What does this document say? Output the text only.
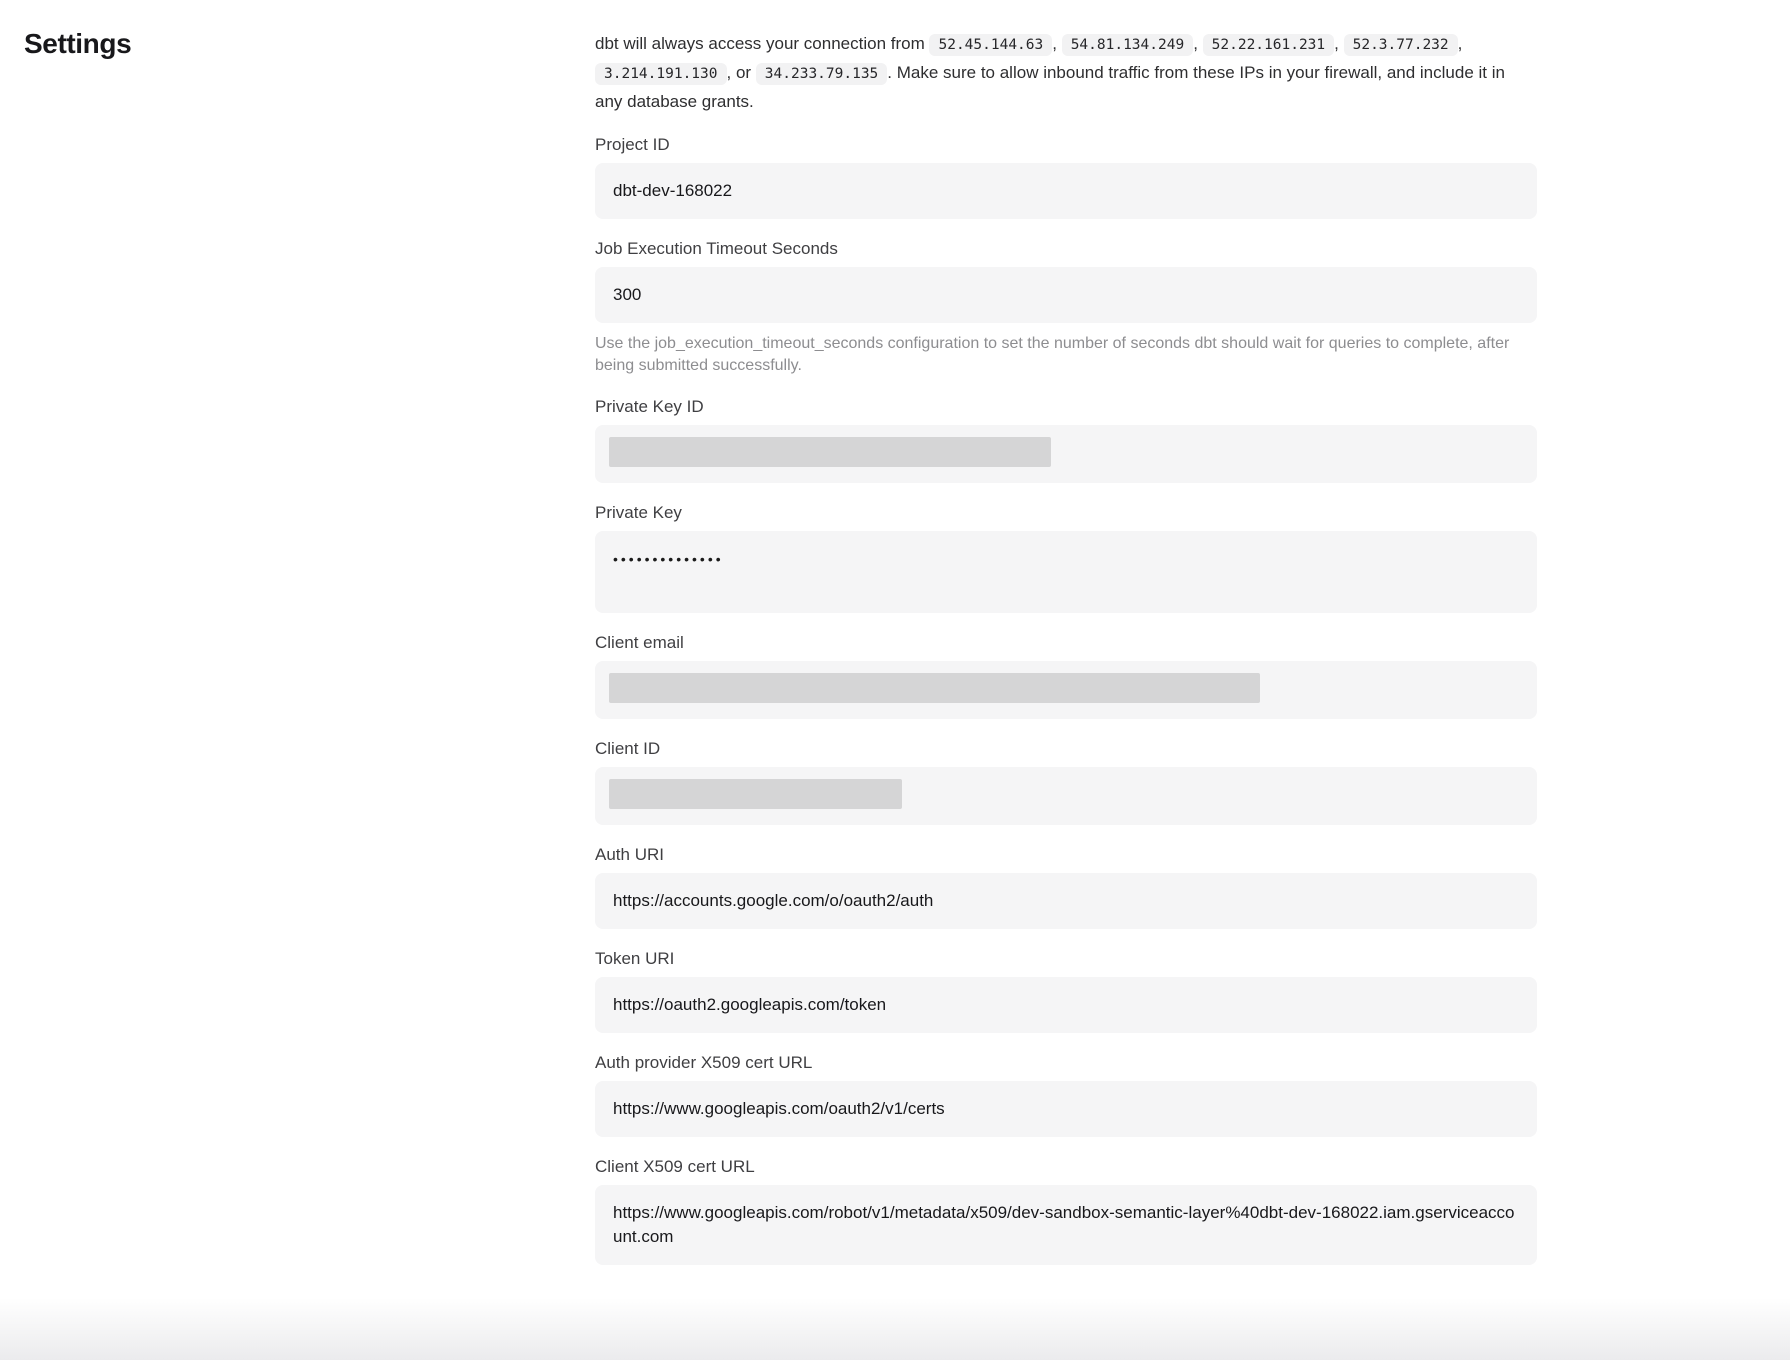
Settings	dbt will always access your connection from 52.45.144.63 , 54.81.134.249 , 52.22.161.231 , 52.3.77.232 , 3.214.191.130 , or 34.233.79.135 . Make sure to allow inbound traffic from these IPs in your firewall, and include it in any database grants.

Project ID
dbt-dev-168022
Job Execution Timeout Seconds
300
Use the job_execution_timeout_seconds configuration to set the number of seconds dbt should wait for queries to complete, after being submitted successfully.
Private Key ID
Private Key
••••••••••••••
Client email
Client ID
Auth URI
https://accounts.google.com/o/oauth2/auth
Token URI
https://oauth2.googleapis.com/token
Auth provider X509 cert URL
https://www.googleapis.com/oauth2/v1/certs
Client X509 cert URL
https://www.googleapis.com/robot/v1/metadata/x509/dev-sandbox-semantic-layer%40dbt-dev-168022.iam.gserviceaccount.com
